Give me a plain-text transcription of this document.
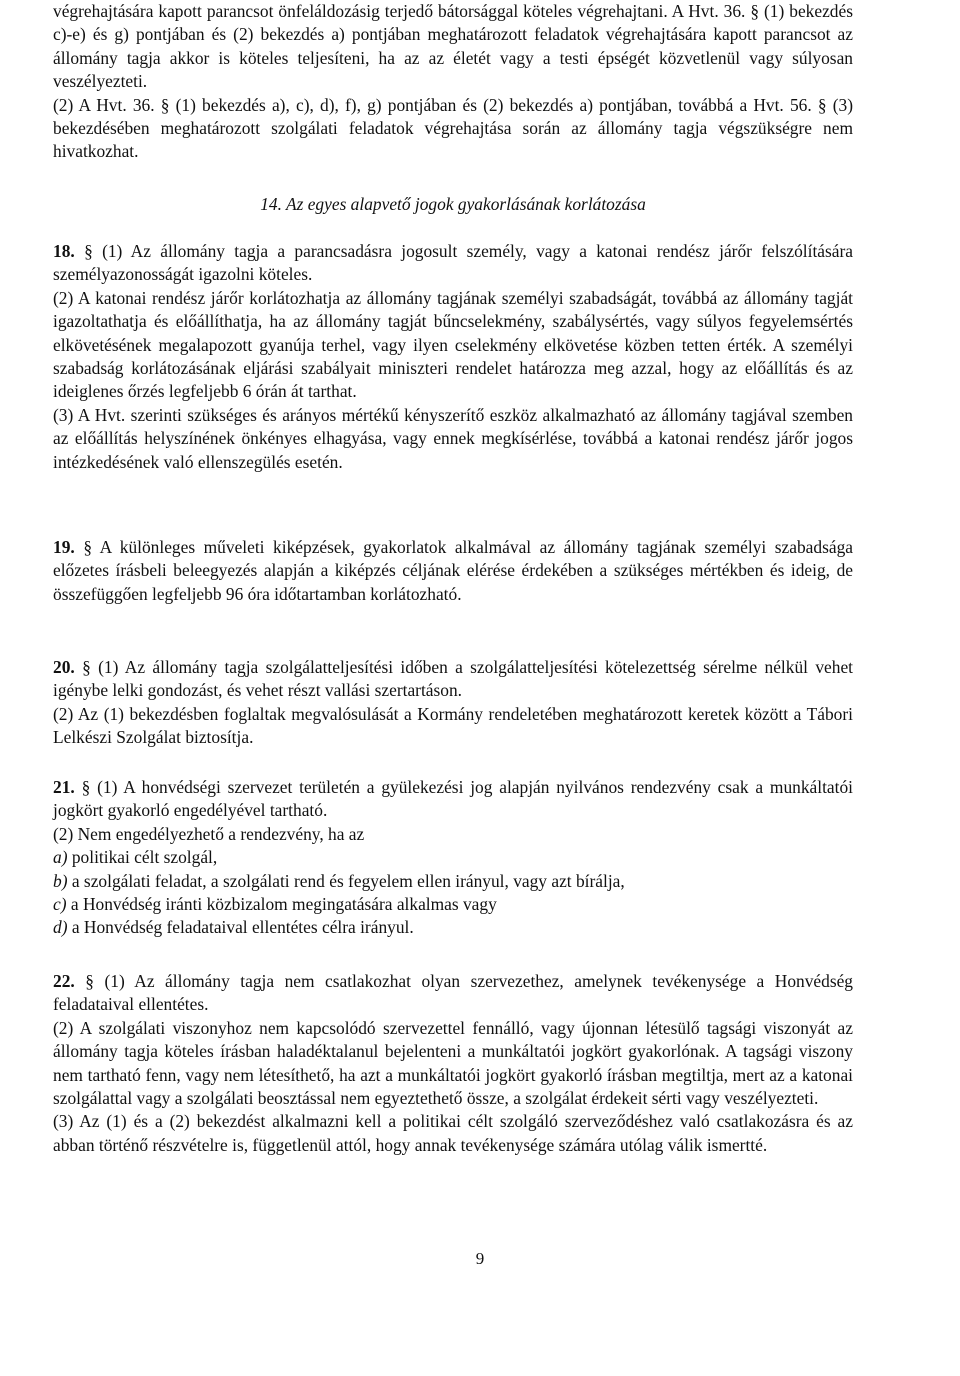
végrehajtására kapott parancsot önfeláldozásig terjedő bátorsággal köteles végrehajtani. A Hvt. 36. § (1) bekezdés c)-e) és g) pontjában és (2) bekezdés a) pontjában meghatározott feladatok végrehajtására kapott parancsot az állomány tagja akkor is köteles teljesíteni, ha az az életét vagy a testi épségét közvetlenül vagy súlyosan veszélyezteti.

(2) A Hvt. 36. § (1) bekezdés a), c), d), f), g) pontjában és (2) bekezdés a) pontjában, továbbá a Hvt. 56. § (3) bekezdésében meghatározott szolgálati feladatok végrehajtása során az állomány tagja végszükségre nem hivatkozhat.

14. Az egyes alapvető jogok gyakorlásának korlátozása

18. § (1) Az állomány tagja a parancsadásra jogosult személy, vagy a katonai rendész járőr felszólítására személyazonosságát igazolni köteles.

(2) A katonai rendész járőr korlátozhatja az állomány tagjának személyi szabadságát, továbbá az állomány tagját igazoltathatja és előállíthatja, ha az állomány tagját bűncselekmény, szabálysértés, vagy súlyos fegyelemsértés elkövetésének megalapozott gyanúja terhel, vagy ilyen cselekmény elkövetése közben tetten érték. A személyi szabadság korlátozásának eljárási szabályait miniszteri rendelet határozza meg azzal, hogy az előállítás és az ideiglenes őrzés legfeljebb 6 órán át tarthat.

(3) A Hvt. szerinti szükséges és arányos mértékű kényszerítő eszköz alkalmazható az állomány tagjával szemben az előállítás helyszínének önkényes elhagyása, vagy ennek megkísérlése, továbbá a katonai rendész járőr jogos intézkedésének való ellenszegülés esetén.

19. § A különleges műveleti kiképzések, gyakorlatok alkalmával az állomány tagjának személyi szabadsága előzetes írásbeli beleegyezés alapján a kiképzés céljának elérése érdekében a szükséges mértékben és ideig, de összefüggően legfeljebb 96 óra időtartamban korlátozható.

20. § (1) Az állomány tagja szolgálatteljesítési időben a szolgálatteljesítési kötelezettség sérelme nélkül vehet igénybe lelki gondozást, és vehet részt vallási szertartáson.

(2) Az (1) bekezdésben foglaltak megvalósulását a Kormány rendeletében meghatározott keretek között a Tábori Lelkészi Szolgálat biztosítja.

21. § (1) A honvédségi szervezet területén a gyülekezési jog alapján nyilvános rendezvény csak a munkáltatói jogkört gyakorló engedélyével tartható.

(2) Nem engedélyezhető a rendezvény, ha az

a) politikai célt szolgál,

b) a szolgálati feladat, a szolgálati rend és fegyelem ellen irányul, vagy azt bírálja,

c) a Honvédség iránti közbizalom megingatására alkalmas vagy

d) a Honvédség feladataival ellentétes célra irányul.

22. § (1) Az állomány tagja nem csatlakozhat olyan szervezethez, amelynek tevékenysége a Honvédség feladataival ellentétes.

(2) A szolgálati viszonyhoz nem kapcsolódó szervezettel fennálló, vagy újonnan létesülő tagsági viszonyát az állomány tagja köteles írásban haladéktalanul bejelenteni a munkáltatói jogkört gyakorlónak. A tagsági viszony nem tartható fenn, vagy nem létesíthető, ha azt a munkáltatói jogkört gyakorló írásban megtiltja, mert az a katonai szolgálattal vagy a szolgálati beosztással nem egyeztethető össze, a szolgálat érdekeit sérti vagy veszélyezteti.

(3) Az (1) és a (2) bekezdést alkalmazni kell a politikai célt szolgáló szerveződéshez való csatlakozásra és az abban történő részvételre is, függetlenül attól, hogy annak tevékenysége számára utólag válik ismertté.

9
